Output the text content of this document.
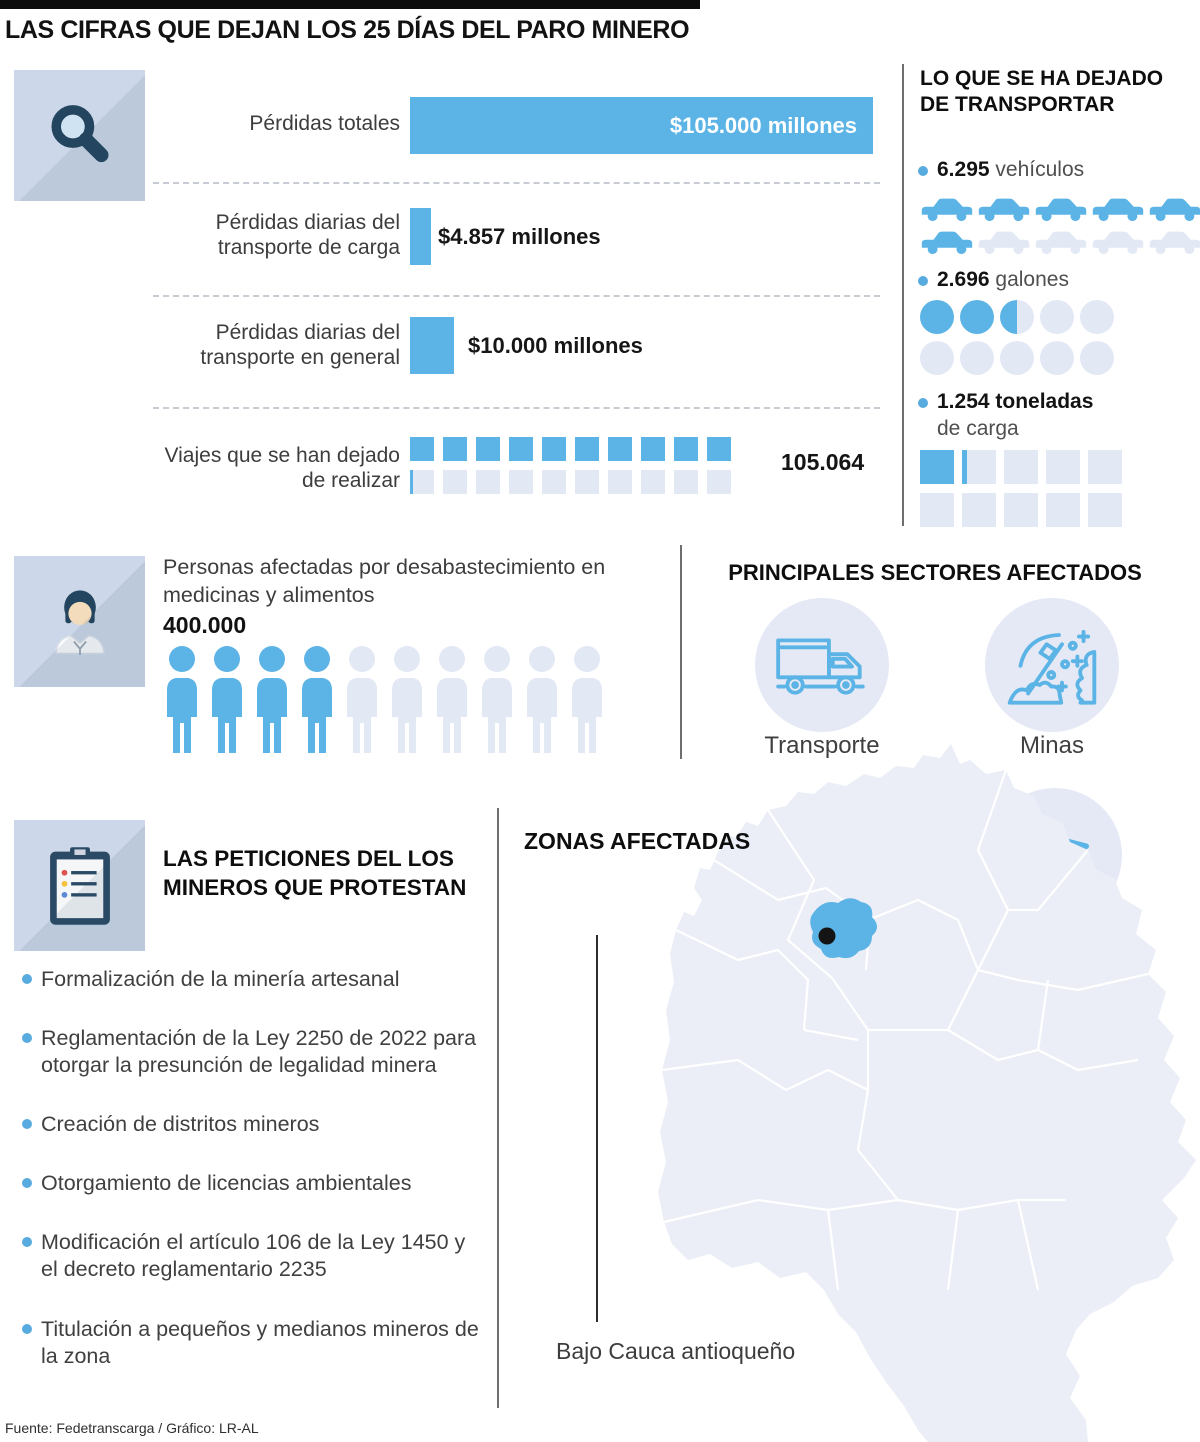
LAS CIFRAS QUE DEJAN LOS 25 DÍAS DEL PARO MINERO
Pérdidas totales	$105.000 millones
Pérdidas diarias del transporte de carga $4.857 millones
Pérdidas diarias del transporte en general	$10.000 millones
Viajes que se han dejado de realizar
105.064
LO QUE SE HA DEJADO DE TRANSPORTAR
6.295 vehículos
2.696 galones
1.254 toneladas
de carga
Personas afectadas por desabastecimiento en medicinas y alimentos
400.000
PRINCIPALES SECTORES AFECTADOS
Transporte	Minas
LAS PETICIONES DEL LOS MINEROS QUE PROTESTAN
Formalización de la minería artesanal
Reglamentación de la Ley 2250 de 2022 para otorgar la presunción de legalidad minera
Creación de distritos mineros
Otorgamiento de licencias ambientales
Modificación el artículo 106 de la Ley 1450 y el decreto reglamentario 2235
Titulación a pequeños y medianos mineros de la zona
ZONAS AFECTADAS
Bajo Cauca antioqueño
Fuente: Fedetranscarga / Gráfico: LR-AL
